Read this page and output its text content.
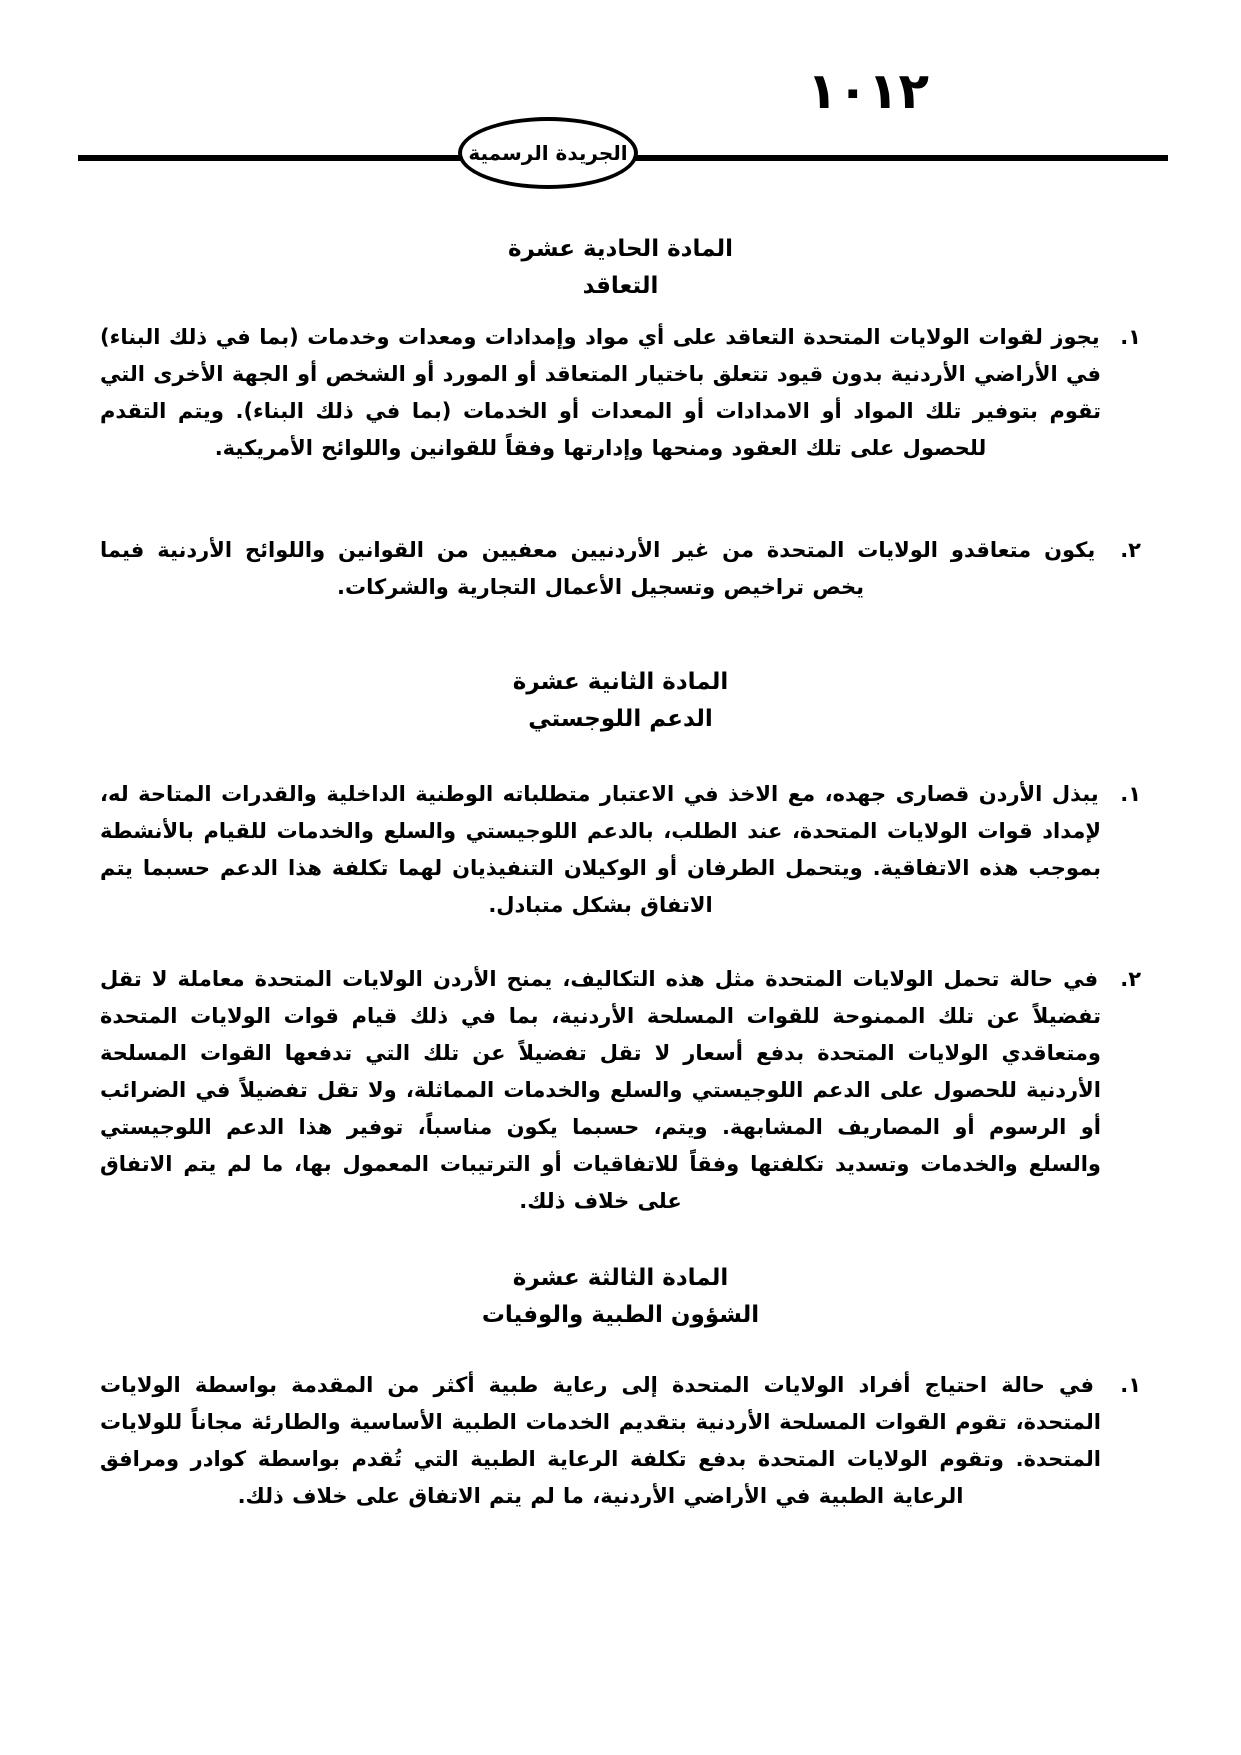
١٠١٢
الجريدة الرسمية
المادة الحادية عشرة
التعاقد

١. يجوز لقوات الولايات المتحدة التعاقد على أي مواد وإمدادات ومعدات وخدمات (بما في ذلك البناء) في الأراضي الأردنية بدون قيود تتعلق باختيار المتعاقد أو المورد أو الشخص أو الجهة الأخرى التي تقوم بتوفير تلك المواد أو الامدادات أو المعدات أو الخدمات (بما في ذلك البناء). ويتم التقدم للحصول على تلك العقود ومنحها وإدارتها وفقاً للقوانين واللوائح الأمريكية.

٢. يكون متعاقدو الولايات المتحدة من غير الأردنيين معفيين من القوانين واللوائح الأردنية فيما يخص تراخيص وتسجيل الأعمال التجارية والشركات.

المادة الثانية عشرة
الدعم اللوجستي

١. يبذل الأردن قصارى جهده، مع الاخذ في الاعتبار متطلباته الوطنية الداخلية والقدرات المتاحة له، لإمداد قوات الولايات المتحدة، عند الطلب، بالدعم اللوجيستي والسلع والخدمات للقيام بالأنشطة بموجب هذه الاتفاقية. ويتحمل الطرفان أو الوكيلان التنفيذيان لهما تكلفة هذا الدعم حسبما يتم الاتفاق بشكل متبادل.

٢. في حالة تحمل الولايات المتحدة مثل هذه التكاليف، يمنح الأردن الولايات المتحدة معاملة لا تقل تفضيلاً عن تلك الممنوحة للقوات المسلحة الأردنية، بما في ذلك قيام قوات الولايات المتحدة ومتعاقدي الولايات المتحدة بدفع أسعار لا تقل تفضيلاً عن تلك التي تدفعها القوات المسلحة الأردنية للحصول على الدعم اللوجيستي والسلع والخدمات المماثلة، ولا تقل تفضيلاً في الضرائب أو الرسوم أو المصاريف المشابهة. ويتم، حسبما يكون مناسباً، توفير هذا الدعم اللوجيستي والسلع والخدمات وتسديد تكلفتها وفقاً للاتفاقيات أو الترتيبات المعمول بها، ما لم يتم الاتفاق على خلاف ذلك.

المادة الثالثة عشرة
الشؤون الطبية والوفيات

١. في حالة احتياج أفراد الولايات المتحدة إلى رعاية طبية أكثر من المقدمة بواسطة الولايات المتحدة، تقوم القوات المسلحة الأردنية بتقديم الخدمات الطبية الأساسية والطارئة مجاناً للولايات المتحدة. وتقوم الولايات المتحدة بدفع تكلفة الرعاية الطبية التي تُقدم بواسطة كوادر ومرافق الرعاية الطبية في الأراضي الأردنية، ما لم يتم الاتفاق على خلاف ذلك.
